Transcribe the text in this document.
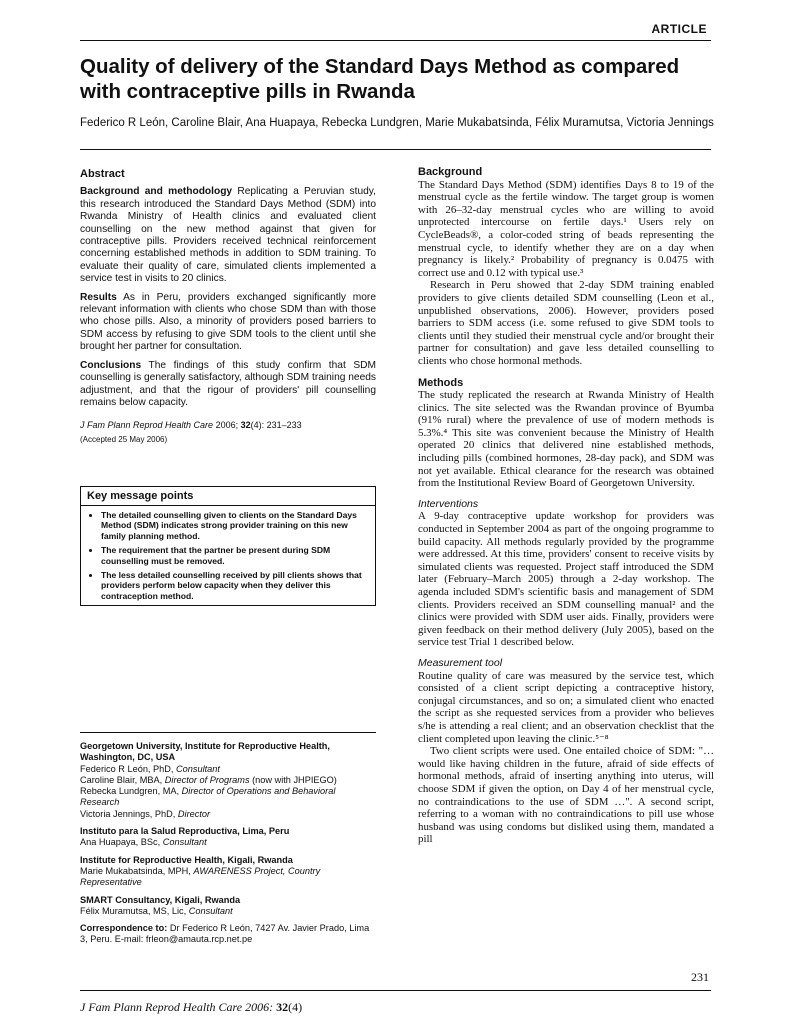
ARTICLE
Quality of delivery of the Standard Days Method as compared with contraceptive pills in Rwanda
Federico R León, Caroline Blair, Ana Huapaya, Rebecka Lundgren, Marie Mukabatsinda, Félix Muramutsa, Victoria Jennings
Abstract

Background and methodology Replicating a Peruvian study, this research introduced the Standard Days Method (SDM) into Rwanda Ministry of Health clinics and evaluated client counselling on the new method against that given for contraceptive pills. Providers received technical reinforcement concerning established methods in addition to SDM training. To evaluate their quality of care, simulated clients implemented a service test in visits to 20 clinics.

Results As in Peru, providers exchanged significantly more relevant information with clients who chose SDM than with those who chose pills. Also, a minority of providers posed barriers to SDM access by refusing to give SDM tools to the client until she brought her partner for consultation.

Conclusions The findings of this study confirm that SDM counselling is generally satisfactory, although SDM training needs adjustment, and that the rigour of providers' pill counselling remains below capacity.

J Fam Plann Reprod Health Care 2006; 32(4): 231–233
(Accepted 25 May 2006)
Key message points
• The detailed counselling given to clients on the Standard Days Method (SDM) indicates strong provider training on this new family planning method.
• The requirement that the partner be present during SDM counselling must be removed.
• The less detailed counselling received by pill clients shows that providers perform below capacity when they deliver this contraception method.
Georgetown University, Institute for Reproductive Health, Washington, DC, USA
Federico R León, PhD, Consultant
Caroline Blair, MBA, Director of Programs (now with JHPIEGO)
Rebecka Lundgren, MA, Director of Operations and Behavioral Research
Victoria Jennings, PhD, Director
Instituto para la Salud Reproductiva, Lima, Peru
Ana Huapaya, BSc, Consultant
Institute for Reproductive Health, Kigali, Rwanda
Marie Mukabatsinda, MPH, AWARENESS Project, Country Representative
SMART Consultancy, Kigali, Rwanda
Félix Muramutsa, MS, Lic, Consultant
Correspondence to: Dr Federico R León, 7427 Av. Javier Prado, Lima 3, Peru. E-mail: frleon@amauta.rcp.net.pe
Background

The Standard Days Method (SDM) identifies Days 8 to 19 of the menstrual cycle as the fertile window. The target group is women with 26–32-day menstrual cycles who are willing to avoid unprotected intercourse on fertile days.¹ Users rely on CycleBeads®, a color-coded string of beads representing the menstrual cycle, to identify whether they are on a day when pregnancy is likely.² Probability of pregnancy is 0.0475 with correct use and 0.12 with typical use.³

Research in Peru showed that 2-day SDM training enabled providers to give clients detailed SDM counselling (Leon et al., unpublished observations, 2006). However, providers posed barriers to SDM access (i.e. some refused to give SDM tools to clients until they studied their menstrual cycle and/or brought their partner for consultation) and gave less detailed counselling to clients who chose hormonal methods.

Methods

The study replicated the research at Rwanda Ministry of Health clinics. The site selected was the Rwandan province of Byumba (91% rural) where the prevalence of use of modern methods is 5.3%.⁴ This site was convenient because the Ministry of Health operated 20 clinics that delivered nine established methods, including pills (combined hormones, 28-day pack), and SDM was not yet available. Ethical clearance for the research was obtained from the Institutional Review Board of Georgetown University.

Interventions

A 9-day contraceptive update workshop for providers was conducted in September 2004 as part of the ongoing programme to build capacity. All methods regularly provided by the programme were addressed. At this time, providers' consent to receive visits by simulated clients was requested. Project staff introduced the SDM later (February–March 2005) through a 2-day workshop. The agenda included SDM's scientific basis and management of SDM clients. Providers received an SDM counselling manual² and the clinics were provided with SDM user aids. Finally, providers were given feedback on their method delivery (July 2005), based on the service test Trial 1 described below.

Measurement tool

Routine quality of care was measured by the service test, which consisted of a client script depicting a contraceptive history, conjugal circumstances, and so on; a simulated client who enacted the script as she requested services from a provider who believes s/he is attending a real client; and an observation checklist that the client completed upon leaving the clinic.⁵⁻⁸

Two client scripts were used. One entailed choice of SDM: "… would like having children in the future, afraid of side effects of hormonal methods, afraid of inserting anything into uterus, will choose SDM if given the option, on Day 4 of her menstrual cycle, no contraindications to the use of SDM …". A second script, referring to a woman with no contraindications to pill use whose husband was using condoms but disliked using them, mandated a pill

231
J Fam Plann Reprod Health Care 2006: 32(4)
